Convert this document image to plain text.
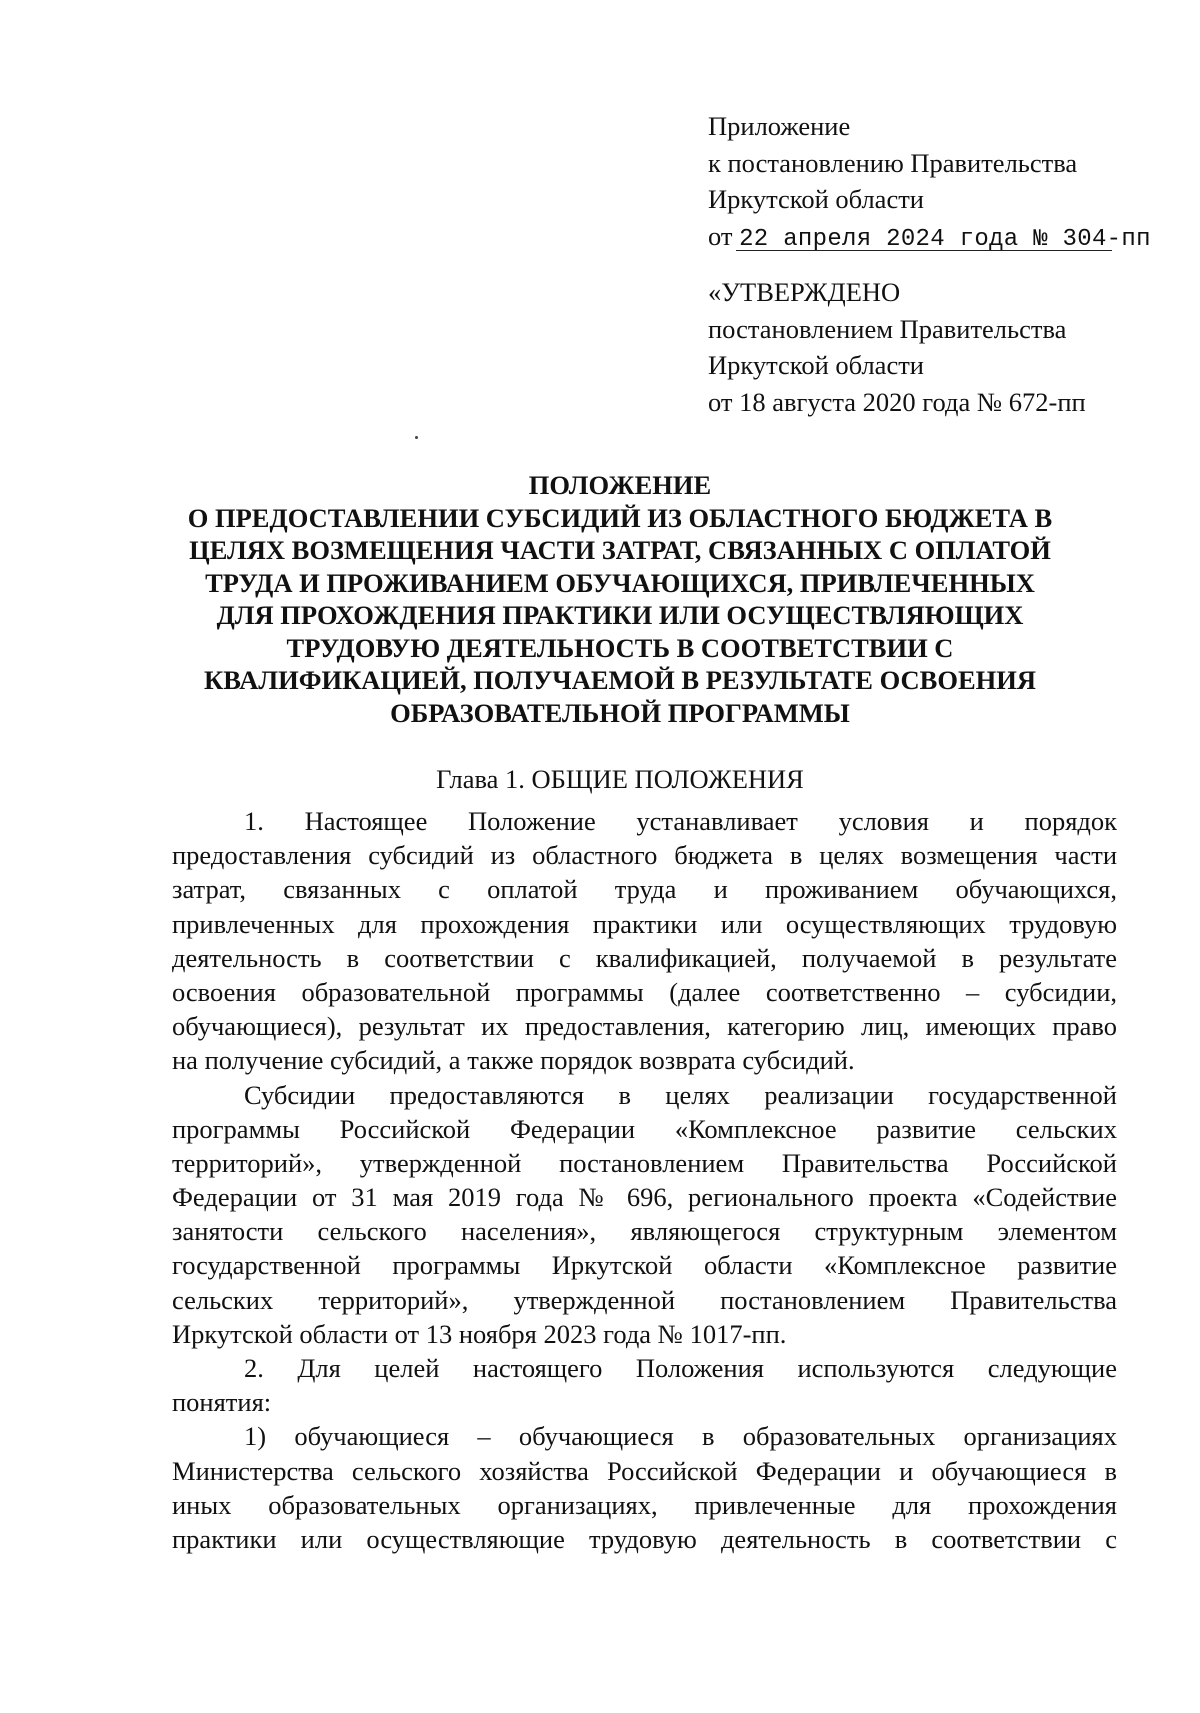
Приложение
к постановлению Правительства
Иркутской области
от 22 апреля 2024 года № 304-пп
«УТВЕРЖДЕНО
постановлением Правительства
Иркутской области
от 18 августа 2020 года № 672-пп
ПОЛОЖЕНИЕ
О ПРЕДОСТАВЛЕНИИ СУБСИДИЙ ИЗ ОБЛАСТНОГО БЮДЖЕТА В
ЦЕЛЯХ ВОЗМЕЩЕНИЯ ЧАСТИ ЗАТРАТ, СВЯЗАННЫХ С ОПЛАТОЙ
ТРУДА И ПРОЖИВАНИЕМ ОБУЧАЮЩИХСЯ, ПРИВЛЕЧЕННЫХ
ДЛЯ ПРОХОЖДЕНИЯ ПРАКТИКИ ИЛИ ОСУЩЕСТВЛЯЮЩИХ
ТРУДОВУЮ ДЕЯТЕЛЬНОСТЬ В СООТВЕТСТВИИ С
КВАЛИФИКАЦИЕЙ, ПОЛУЧАЕМОЙ В РЕЗУЛЬТАТЕ ОСВОЕНИЯ
ОБРАЗОВАТЕЛЬНОЙ ПРОГРАММЫ
Глава 1. ОБЩИЕ ПОЛОЖЕНИЯ
1. Настоящее Положение устанавливает условия и порядок
предоставления субсидий из областного бюджета в целях возмещения части
затрат, связанных с оплатой труда и проживанием обучающихся,
привлеченных для прохождения практики или осуществляющих трудовую
деятельность в соответствии с квалификацией, получаемой в результате
освоения образовательной программы (далее соответственно – субсидии,
обучающиеся), результат их предоставления, категорию лиц, имеющих право
на получение субсидий, а также порядок возврата субсидий.
Субсидии предоставляются в целях реализации государственной
программы Российской Федерации «Комплексное развитие сельских
территорий», утвержденной постановлением Правительства Российской
Федерации от 31 мая 2019 года № 696, регионального проекта «Содействие
занятости сельского населения», являющегося структурным элементом
государственной программы Иркутской области «Комплексное развитие
сельских территорий», утвержденной постановлением Правительства
Иркутской области от 13 ноября 2023 года № 1017-пп.
2. Для целей настоящего Положения используются следующие
понятия:
1) обучающиеся – обучающиеся в образовательных организациях
Министерства сельского хозяйства Российской Федерации и обучающиеся в
иных образовательных организациях, привлеченные для прохождения
практики или осуществляющие трудовую деятельность в соответствии с
